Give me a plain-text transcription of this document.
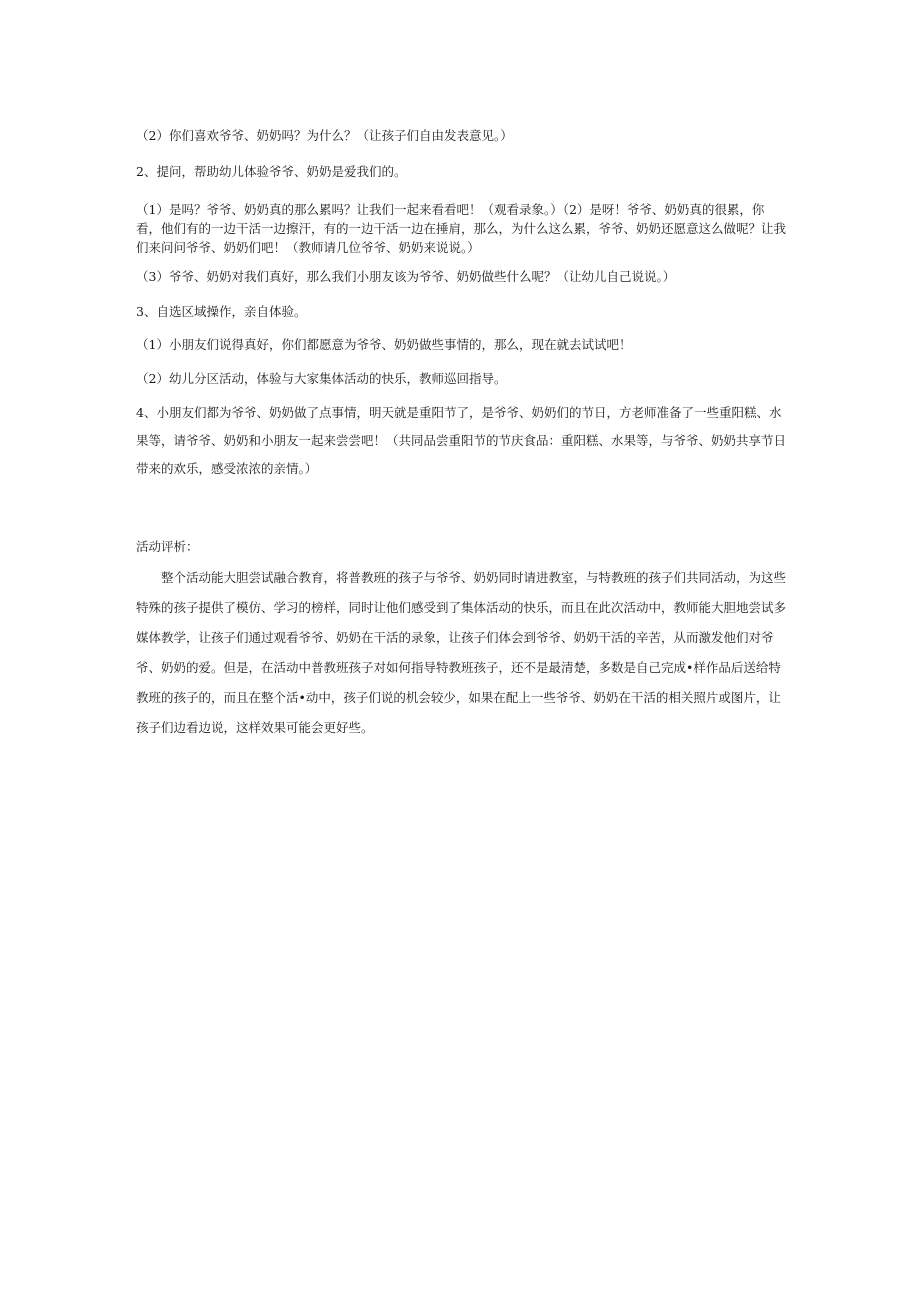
（2）你们喜欢爷爷、奶奶吗？为什么？（让孩子们自由发表意见。）

2、提问，帮助幼儿体验爷爷、奶奶是爱我们的。

（1）是吗？爷爷、奶奶真的那么累吗？让我们一起来看看吧！（观看录象。）（2）是呀！爷爷、奶奶真的很累，你看，他们有的一边干活一边擦汗，有的一边干活一边在捶肩，那么，为什么这么累，爷爷、奶奶还愿意这么做呢？让我们来问问爷爷、奶奶们吧！（教师请几位爷爷、奶奶来说说。）

（3）爷爷、奶奶对我们真好，那么我们小朋友该为爷爷、奶奶做些什么呢？（让幼儿自己说说。）

3、自选区域操作，亲自体验。

（1）小朋友们说得真好，你们都愿意为爷爷、奶奶做些事情的，那么，现在就去试试吧！

（2）幼儿分区活动，体验与大家集体活动的快乐，教师巡回指导。

4、小朋友们都为爷爷、奶奶做了点事情，明天就是重阳节了，是爷爷、奶奶们的节日，方老师准备了一些重阳糕、水果等，请爷爷、奶奶和小朋友一起来尝尝吧！（共同品尝重阳节的节庆食品：重阳糕、水果等，与爷爷、奶奶共享节日带来的欢乐，感受浓浓的亲情。）

活动评析：

整个活动能大胆尝试融合教育，将普教班的孩子与爷爷、奶奶同时请进教室，与特教班的孩子们共同活动，为这些特殊的孩子提供了模仿、学习的榜样，同时让他们感受到了集体活动的快乐，而且在此次活动中，教师能大胆地尝试多媒体教学，让孩子们通过观看爷爷、奶奶在干活的录象，让孩子们体会到爷爷、奶奶干活的辛苦，从而激发他们对爷爷、奶奶的爱。但是，在活动中普教班孩子对如何指导特教班孩子，还不是最清楚，多数是自己完成•样作品后送给特教班的孩子的，而且在整个活•动中，孩子们说的机会较少，如果在配上一些爷爷、奶奶在干活的相关照片或图片，让孩子们边看边说，这样效果可能会更好些。
